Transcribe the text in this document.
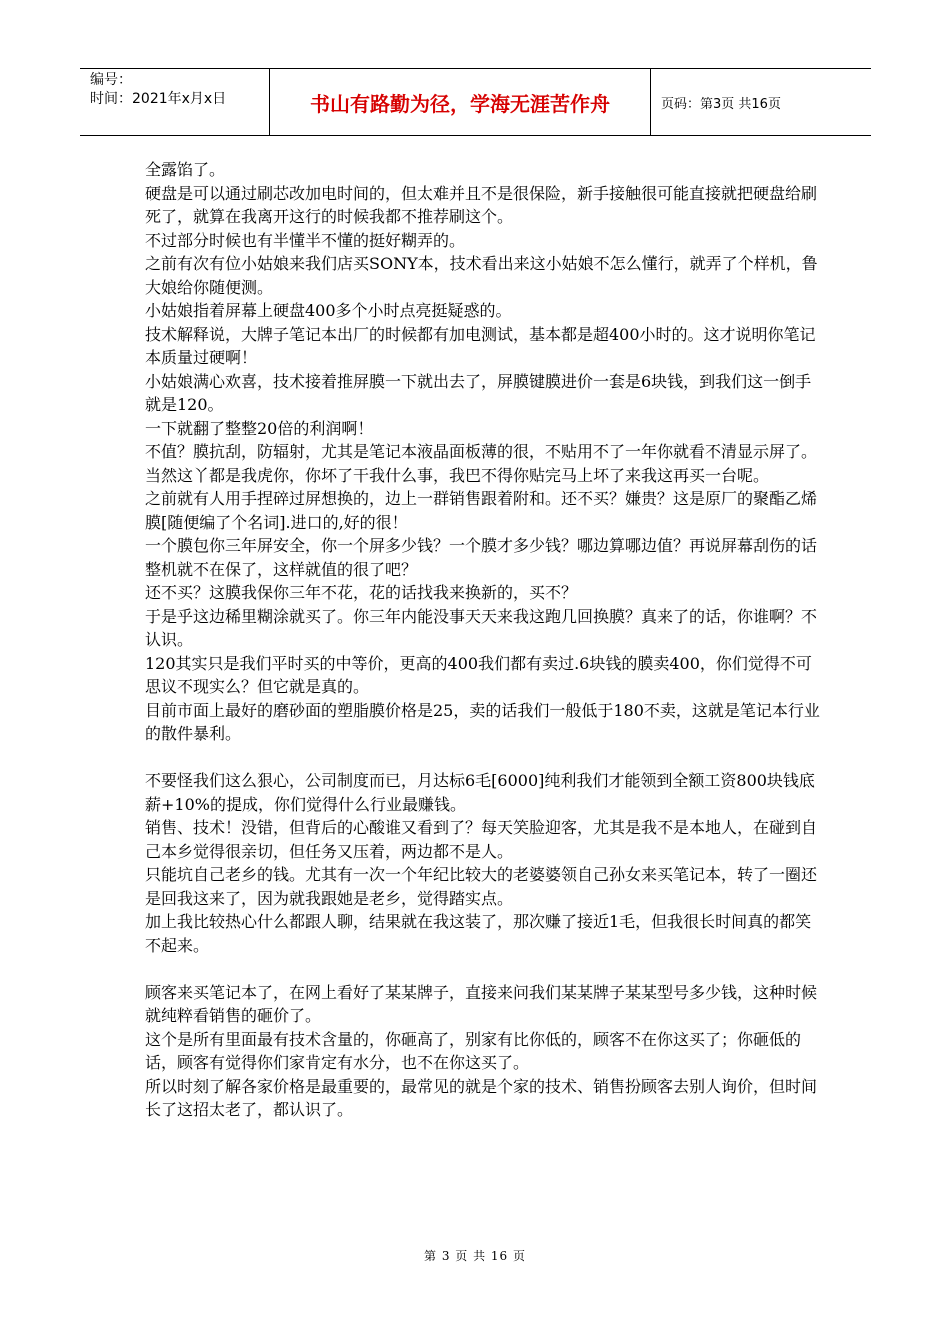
编号：
时间：2021年x月x日	书山有路勤为径，学海无涯苦作舟	页码：第3页 共16页

全露馅了。

硬盘是可以通过刷芯改加电时间的，但太难并且不是很保险，新手接触很可能直接就把硬盘给刷死了，就算在我离开这行的时候我都不推荐刷这个。

不过部分时候也有半懂半不懂的挺好糊弄的。

之前有次有位小姑娘来我们店买SONY本，技术看出来这小姑娘不怎么懂行，就弄了个样机，鲁大娘给你随便测。

小姑娘指着屏幕上硬盘400多个小时点亮挺疑惑的。

技术解释说，大牌子笔记本出厂的时候都有加电测试，基本都是超400小时的。这才说明你笔记本质量过硬啊！

小姑娘满心欢喜，技术接着推屏膜一下就出去了，屏膜键膜进价一套是6块钱，到我们这一倒手就是120。

一下就翻了整整20倍的利润啊！

不值？膜抗刮，防辐射，尤其是笔记本液晶面板薄的很，不贴用不了一年你就看不清显示屏了。

当然这丫都是我虎你，你坏了干我什么事，我巴不得你贴完马上坏了来我这再买一台呢。

之前就有人用手捏碎过屏想换的，边上一群销售跟着附和。还不买？嫌贵？这是原厂的聚酯乙烯膜[随便编了个名词].进口的,好的很！

一个膜包你三年屏安全，你一个屏多少钱？一个膜才多少钱？哪边算哪边值？再说屏幕刮伤的话整机就不在保了，这样就值的很了吧？

还不买？这膜我保你三年不花，花的话找我来换新的，买不？

于是乎这边稀里糊涂就买了。你三年内能没事天天来我这跑几回换膜？真来了的话，你谁啊？不认识。

120其实只是我们平时买的中等价，更高的400我们都有卖过.6块钱的膜卖400，你们觉得不可思议不现实么？但它就是真的。

目前市面上最好的磨砂面的塑脂膜价格是25，卖的话我们一般低于180不卖，这就是笔记本行业的散件暴利。

不要怪我们这么狠心，公司制度而已，月达标6毛[6000]纯利我们才能领到全额工资800块钱底薪+10%的提成，你们觉得什么行业最赚钱。

销售、技术！没错，但背后的心酸谁又看到了？每天笑脸迎客，尤其是我不是本地人，在碰到自己本乡觉得很亲切，但任务又压着，两边都不是人。

只能坑自己老乡的钱。尤其有一次一个年纪比较大的老婆婆领自己孙女来买笔记本，转了一圈还是回我这来了，因为就我跟她是老乡，觉得踏实点。

加上我比较热心什么都跟人聊，结果就在我这装了，那次赚了接近1毛，但我很长时间真的都笑不起来。

顾客来买笔记本了，在网上看好了某某牌子，直接来问我们某某牌子某某型号多少钱，这种时候就纯粹看销售的砸价了。

这个是所有里面最有技术含量的，你砸高了，别家有比你低的，顾客不在你这买了；你砸低的话，顾客有觉得你们家肯定有水分，也不在你这买了。

所以时刻了解各家价格是最重要的，最常见的就是个家的技术、销售扮顾客去别人询价，但时间长了这招太老了，都认识了。

第 3 页 共 16 页
